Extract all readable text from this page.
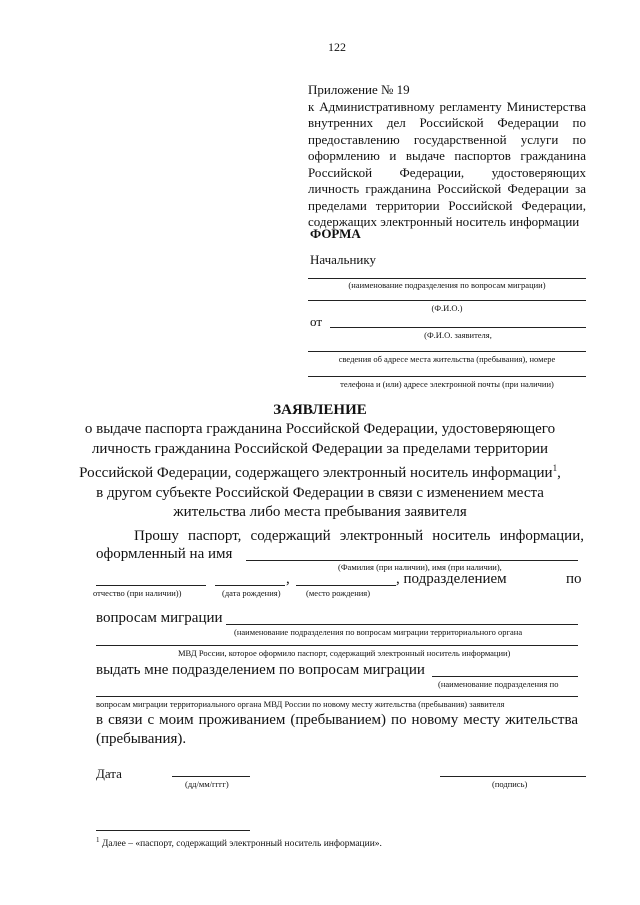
122
Приложение № 19
к Административному регламенту Министерства
внутренних дел Российской Федерации по
предоставлению государственной услуги по
оформлению и выдаче паспортов гражданина
Российской Федерации, удостоверяющих
личность гражданина Российской Федерации за
пределами территории Российской Федерации,
содержащих электронный носитель информации
ФОРМА
Начальнику
(наименование подразделения по вопросам миграции)
(Ф.И.О.)
от
(Ф.И.О. заявителя,
сведения об адресе места жительства (пребывания), номере
телефона и (или) адресе электронной почты (при наличии)
ЗАЯВЛЕНИЕ
о выдаче паспорта гражданина Российской Федерации, удостоверяющего
личность гражданина Российской Федерации за пределами территории
Российской Федерации, содержащего электронный носитель информации$^1$,
в другом субъекте Российской Федерации в связи с изменением места
жительства либо места пребывания заявителя
Прошу паспорт, содержащий электронный носитель информации,
оформленный на имя
(Фамилия (при наличии), имя (при наличии),
,	, подразделением	по
отчество (при наличии))	(дата рождения)	(место рождения)
вопросам миграции
(наименование подразделения по вопросам миграции территориального органа
МВД России, которое оформило паспорт, содержащий электронный носитель информации)
выдать мне подразделением по вопросам миграции
(наименование подразделения по
вопросам миграции территориального органа МВД России по новому месту жительства (пребывания) заявителя
в связи с моим проживанием (пребыванием) по новому месту жительства
(пребывания).
Дата
(дд/мм/гггг)	(подпись)
$^1$ Далее – «паспорт, содержащий электронный носитель информации».
